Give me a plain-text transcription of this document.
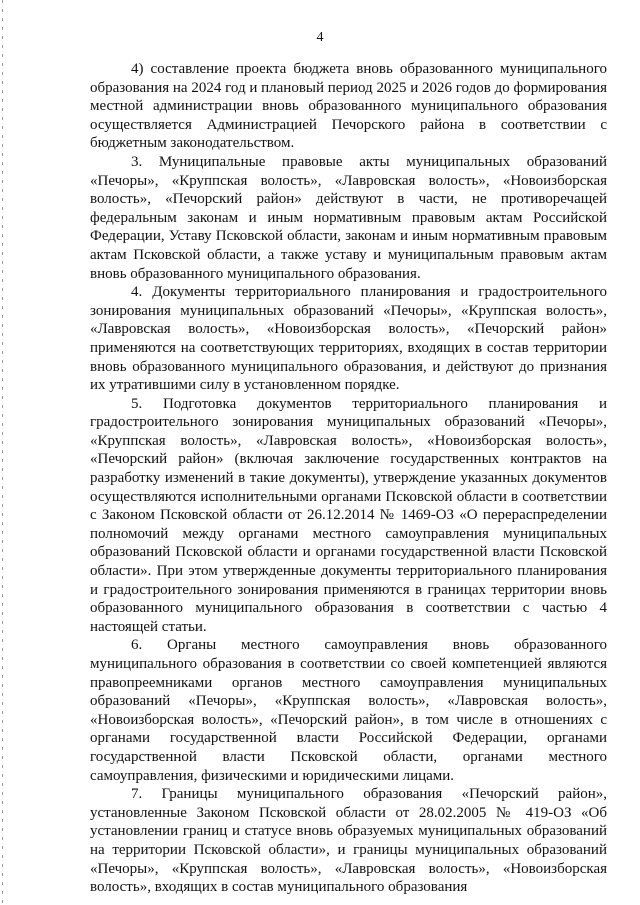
4

4) составление проекта бюджета вновь образованного муниципального образования на 2024 год и плановый период 2025 и 2026 годов до формирования местной администрации вновь образованного муниципального образования осуществляется Администрацией Печорского района в соответствии с бюджетным законодательством.

3. Муниципальные правовые акты муниципальных образований «Печоры», «Круппская волость», «Лавровская волость», «Новоизборская волость», «Печорский район» действуют в части, не противоречащей федеральным законам и иным нормативным правовым актам Российской Федерации, Уставу Псковской области, законам и иным нормативным правовым актам Псковской области, а также уставу и муниципальным правовым актам вновь образованного муниципального образования.

4. Документы территориального планирования и градостроительного зонирования муниципальных образований «Печоры», «Круппская волость», «Лавровская волость», «Новоизборская волость», «Печорский район» применяются на соответствующих территориях, входящих в состав территории вновь образованного муниципального образования, и действуют до признания их утратившими силу в установленном порядке.

5. Подготовка документов территориального планирования и градостроительного зонирования муниципальных образований «Печоры», «Круппская волость», «Лавровская волость», «Новоизборская волость», «Печорский район» (включая заключение государственных контрактов на разработку изменений в такие документы), утверждение указанных документов осуществляются исполнительными органами Псковской области в соответствии с Законом Псковской области от 26.12.2014 № 1469-ОЗ «О перераспределении полномочий между органами местного самоуправления муниципальных образований Псковской области и органами государственной власти Псковской области». При этом утвержденные документы территориального планирования и градостроительного зонирования применяются в границах территории вновь образованного муниципального образования в соответствии с частью 4 настоящей статьи.

6. Органы местного самоуправления вновь образованного муниципального образования в соответствии со своей компетенцией являются правопреемниками органов местного самоуправления муниципальных образований «Печоры», «Круппская волость», «Лавровская волость», «Новоизборская волость», «Печорский район», в том числе в отношениях с органами государственной власти Российской Федерации, органами государственной власти Псковской области, органами местного самоуправления, физическими и юридическими лицами.

7. Границы муниципального образования «Печорский район», установленные Законом Псковской области от 28.02.2005 № 419-ОЗ «Об установлении границ и статусе вновь образуемых муниципальных образований на территории Псковской области», и границы муниципальных образований «Печоры», «Круппская волость», «Лавровская волость», «Новоизборская волость», входящих в состав муниципального образования
